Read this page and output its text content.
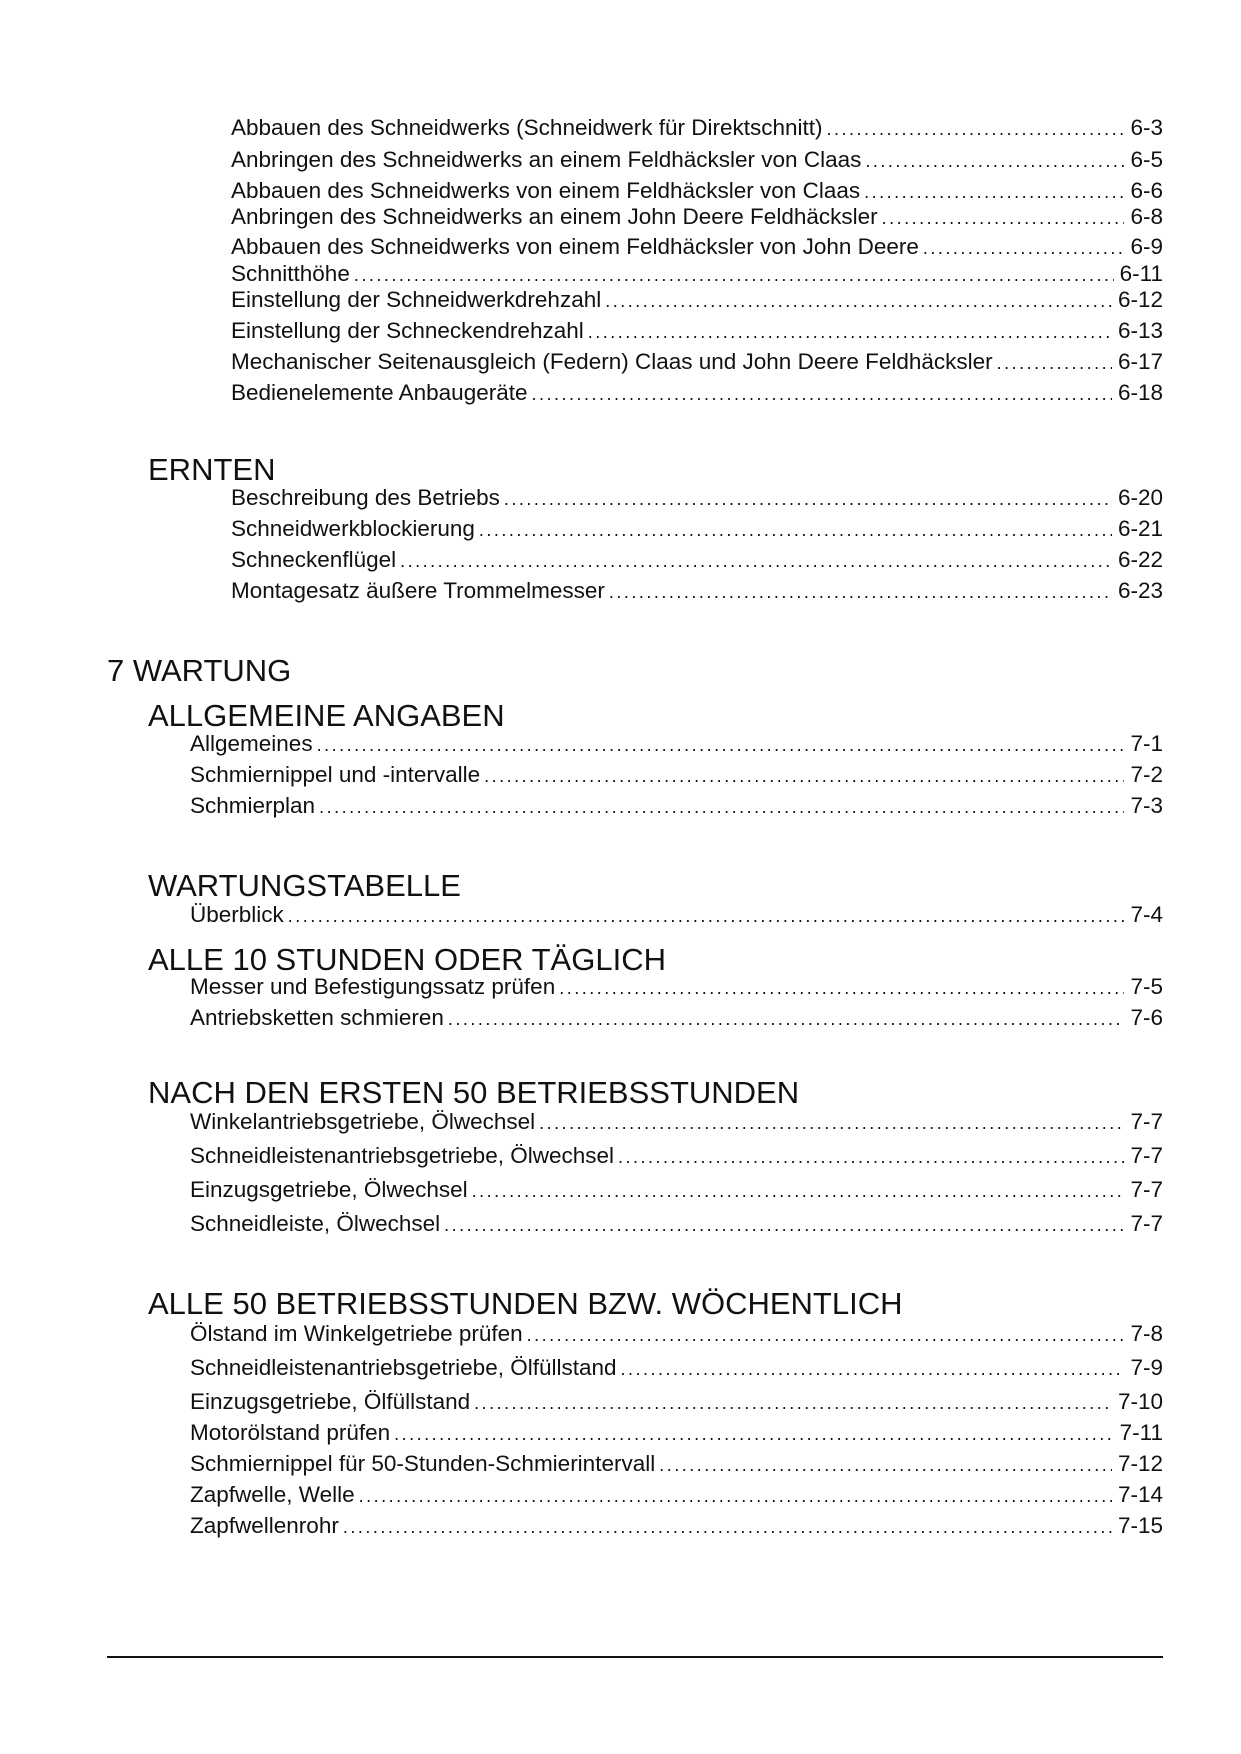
Abbauen des Schneidwerks (Schneidwerk für Direktschnitt) .....	6-3
Anbringen des Schneidwerks an einem Feldhäcksler von Claas .....	6-5
Abbauen des Schneidwerks von einem Feldhäcksler von Claas .....	6-6
Anbringen des Schneidwerks an einem John Deere Feldhäcksler .....	6-8
Abbauen des Schneidwerks von einem Feldhäcksler von John Deere .....	6-9
Schnitthöhe .....	6-11
Einstellung der Schneidwerkdrehzahl .....	6-12
Einstellung der Schneckendrehzahl .....	6-13
Mechanischer Seitenausgleich (Federn) Claas und John Deere Feldhäcksler .....	6-17
Bedienelemente Anbaugeräte .....	6-18
ERNTEN
Beschreibung des Betriebs .....	6-20
Schneidwerkblockierung .....	6-21
Schneckenflügel .....	6-22
Montagesatz äußere Trommelmesser .....	6-23
7 WARTUNG
ALLGEMEINE ANGABEN
Allgemeines .....	7-1
Schmiernippel und -intervalle .....	7-2
Schmierplan .....	7-3
WARTUNGSTABELLE
Überblick .....	7-4
ALLE 10 STUNDEN ODER TÄGLICH
Messer und Befestigungssatz prüfen .....	7-5
Antriebsketten schmieren .....	7-6
NACH DEN ERSTEN 50 BETRIEBSSTUNDEN
Winkelantriebsgetriebe, Ölwechsel .....	7-7
Schneidleistenantriebsgetriebe, Ölwechsel .....	7-7
Einzugsgetriebe, Ölwechsel .....	7-7
Schneidleiste, Ölwechsel .....	7-7
ALLE 50 BETRIEBSSTUNDEN BZW. WÖCHENTLICH
Ölstand im Winkelgetriebe prüfen .....	7-8
Schneidleistenantriebsgetriebe, Ölfüllstand .....	7-9
Einzugsgetriebe, Ölfüllstand .....	7-10
Motorölstand prüfen .....	7-11
Schmiernippel für 50-Stunden-Schmierintervall .....	7-12
Zapfwelle, Welle .....	7-14
Zapfwellenrohr .....	7-15
